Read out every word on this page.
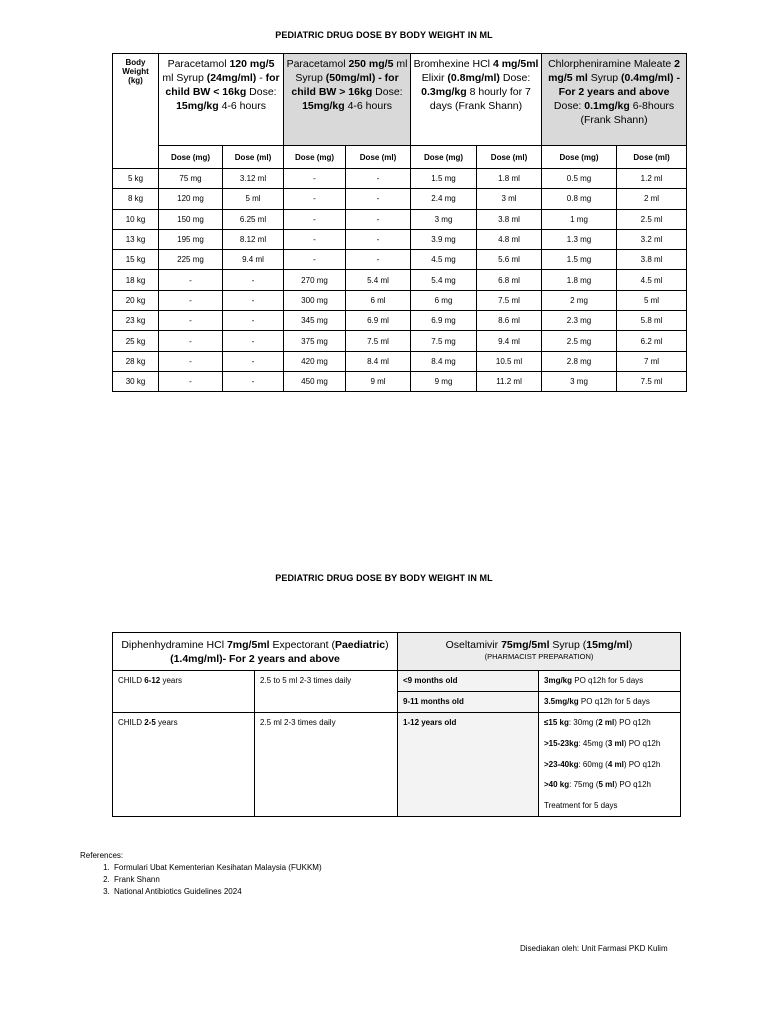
PEDIATRIC DRUG DOSE BY BODY WEIGHT IN ML
Body
Weight
(kg)	Paracetamol 120 mg/5 ml Syrup (24mg/ml) - for child BW < 16kg Dose: 15mg/kg 4-6 hours		Paracetamol 250 mg/5 ml Syrup (50mg/ml) - for child BW > 16kg Dose: 15mg/kg 4-6 hours		Bromhexine HCl 4 mg/5ml Elixir (0.8mg/ml) Dose: 0.3mg/kg 8 hourly for 7 days (Frank Shann)		Chlorpheniramine Maleate 2 mg/5 ml Syrup (0.4mg/ml) - For 2 years and above Dose: 0.1mg/kg 6-8hours (Frank Shann)	
	Dose (mg)	Dose (ml)	Dose (mg)	Dose (ml)	Dose (mg)	Dose (ml)	Dose (mg)	Dose (ml)
5 kg	75 mg	3.12 ml	-	-	1.5 mg	1.8 ml	0.5 mg	1.2 ml
8 kg	120 mg	5 ml	-	-	2.4 mg	3 ml	0.8 mg	2 ml
10 kg	150 mg	6.25 ml	-	-	3 mg	3.8 ml	1 mg	2.5 ml
13 kg	195 mg	8.12 ml	-	-	3.9 mg	4.8 ml	1.3 mg	3.2 ml
15 kg	225 mg	9.4 ml	-	-	4.5 mg	5.6 ml	1.5 mg	3.8 ml
18 kg	-	-	270 mg	5.4 ml	5.4 mg	6.8 ml	1.8 mg	4.5 ml
20 kg	-	-	300 mg	6 ml	6 mg	7.5 ml	2 mg	5 ml
23 kg	-	-	345 mg	6.9 ml	6.9 mg	8.6 ml	2.3 mg	5.8 ml
25 kg	-	-	375 mg	7.5 ml	7.5 mg	9.4 ml	2.5 mg	6.2 ml
28 kg	-	-	420 mg	8.4 ml	8.4 mg	10.5 ml	2.8 mg	7 ml
30 kg	-	-	450 mg	9 ml	9 mg	11.2 ml	3 mg	7.5 ml
PEDIATRIC DRUG DOSE BY BODY WEIGHT IN ML
Diphenhydramine HCl 7mg/5ml Expectorant (Paediatric) (1.4mg/ml)- For 2 years and above		Oseltamivir 75mg/5ml Syrup (15mg/ml)
(PHARMACIST PREPARATION)	

CHILD 6-12 years	2.5 to 5 ml 2-3 times daily	<9 months old	3mg/kg PO q12h for 5 days

		9-11 months old	3.5mg/kg PO q12h for 5 days

CHILD 2-5 years	2.5 ml 2-3 times daily	1-12 years old	≤15 kg: 30mg (2 ml) PO q12h
>15-23kg: 45mg (3 ml) PO q12h
>23-40kg: 60mg (4 ml) PO q12h
>40 kg: 75mg (5 ml) PO q12h
Treatment for 5 days
References:
1. Formulari Ubat Kementerian Kesihatan Malaysia (FUKKM)
2. Frank Shann
3. National Antibiotics Guidelines 2024
Disediakan oleh: Unit Farmasi PKD Kulim
